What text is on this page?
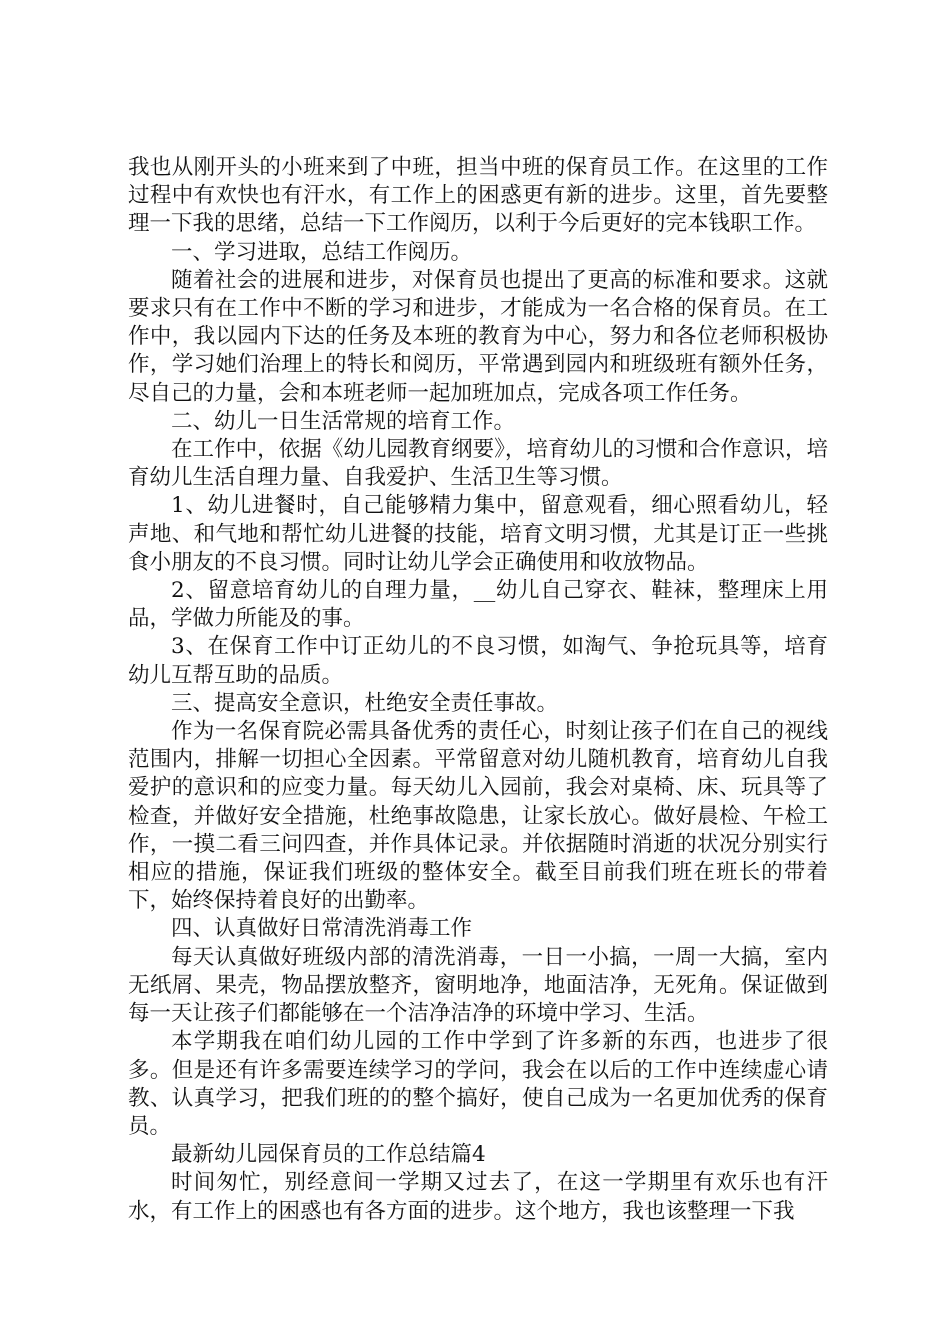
我也从刚开头的小班来到了中班，担当中班的保育员工作。在这里的工作过程中有欢快也有汗水，有工作上的困惑更有新的进步。这里，首先要整理一下我的思绪，总结一下工作阅历，以利于今后更好的完本钱职工作。

一、学习进取，总结工作阅历。

随着社会的进展和进步，对保育员也提出了更高的标准和要求。这就要求只有在工作中不断的学习和进步，才能成为一名合格的保育员。在工作中，我以园内下达的任务及本班的教育为中心，努力和各位老师积极协作，学习她们治理上的特长和阅历，平常遇到园内和班级班有额外任务，尽自己的力量，会和本班老师一起加班加点，完成各项工作任务。

二、幼儿一日生活常规的培育工作。

在工作中，依据《幼儿园教育纲要》，培育幼儿的习惯和合作意识，培育幼儿生活自理力量、自我爱护、生活卫生等习惯。

1、幼儿进餐时，自己能够精力集中，留意观看，细心照看幼儿，轻声地、和气地和帮忙幼儿进餐的技能，培育文明习惯，尤其是订正一些挑食小朋友的不良习惯。同时让幼儿学会正确使用和收放物品。

2、留意培育幼儿的自理力量，__幼儿自己穿衣、鞋袜，整理床上用品，学做力所能及的事。

3、在保育工作中订正幼儿的不良习惯，如淘气、争抢玩具等，培育幼儿互帮互助的品质。

三、提高安全意识，杜绝安全责任事故。

作为一名保育院必需具备优秀的责任心，时刻让孩子们在自己的视线范围内，排解一切担心全因素。平常留意对幼儿随机教育，培育幼儿自我爱护的意识和的应变力量。每天幼儿入园前，我会对桌椅、床、玩具等了检查，并做好安全措施，杜绝事故隐患，让家长放心。做好晨检、午检工作，一摸二看三问四查，并作具体记录。并依据随时消逝的状况分别实行相应的措施，保证我们班级的整体安全。截至目前我们班在班长的带着下，始终保持着良好的出勤率。

四、认真做好日常清洗消毒工作

每天认真做好班级内部的清洗消毒，一日一小搞，一周一大搞，室内无纸屑、果壳，物品摆放整齐，窗明地净，地面洁净，无死角。保证做到每一天让孩子们都能够在一个洁净洁净的环境中学习、生活。

本学期我在咱们幼儿园的工作中学到了许多新的东西，也进步了很多。但是还有许多需要连续学习的学问，我会在以后的工作中连续虚心请教、认真学习，把我们班的的整个搞好，使自己成为一名更加优秀的保育员。

最新幼儿园保育员的工作总结篇4

时间匆忙，别经意间一学期又过去了，在这一学期里有欢乐也有汗水，有工作上的困惑也有各方面的进步。这个地方，我也该整理一下我
